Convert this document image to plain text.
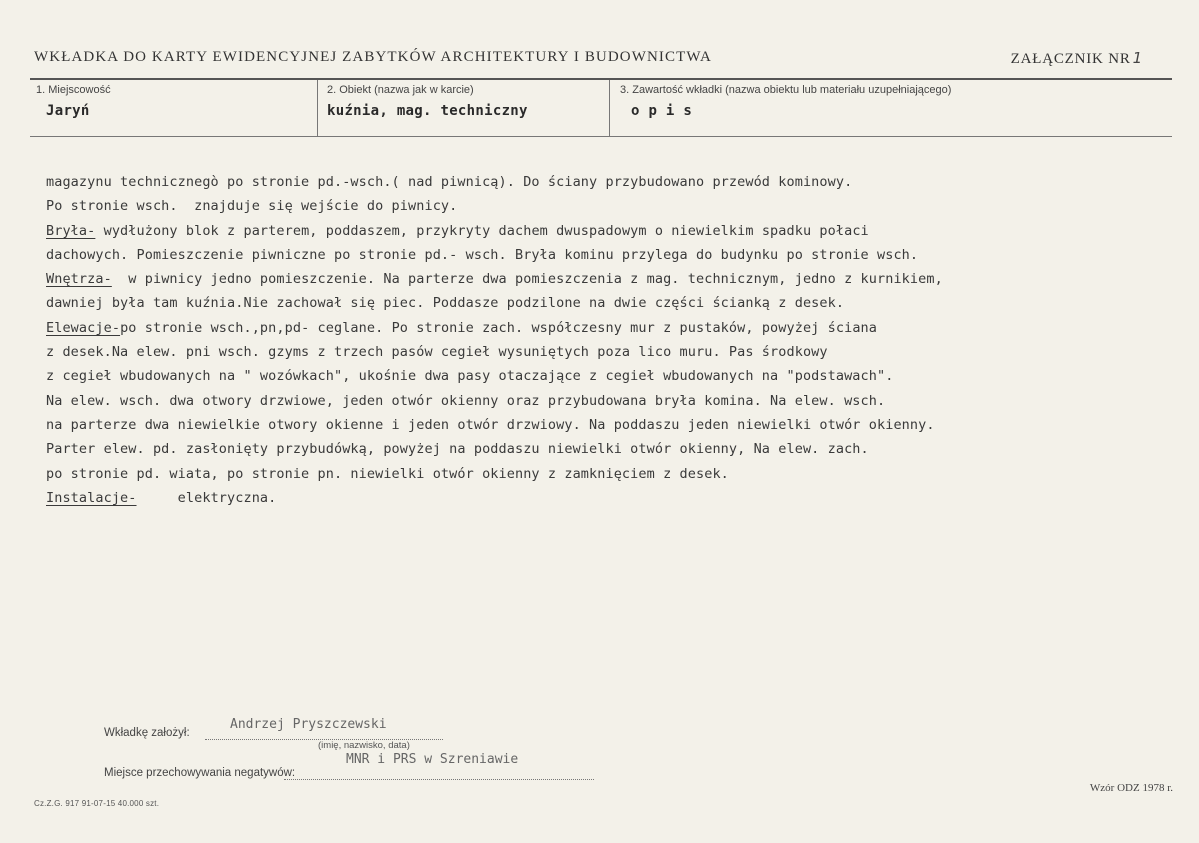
WKŁADKA DO KARTY EWIDENCYJNEJ ZABYTKÓW ARCHITEKTURY I BUDOWNICTWA	ZAŁĄCZNIK NR 1
1. Miejscowość
Jaryń
2. Obiekt (nazwa jak w karcie)
kuźnia, mag. techniczny
3. Zawartość wkładki (nazwa obiektu lub materiału uzupełniającego)
o p i s
magazynu technicznegò po stronie pd.-wsch.( nad piwnicą). Do ściany przybudowano przewód kominowy.
Po stronie wsch.  znajduje się wejście do piwnicy.
Bryła- wydłużony blok z parterem, poddaszem, przykryty dachem dwuspadowym o niewielkim spadku połaci
dachowych. Pomieszczenie piwniczne po stronie pd.- wsch. Bryła kominu przylega do budynku po stronie wsch.
Wnętrza-  w piwnicy jedno pomieszczenie. Na parterze dwa pomieszczenia z mag. technicznym, jedno z kurnikiem,
dawniej była tam kuźnia.Nie zachował się piec. Poddasze podzilone na dwie części ścianką z desek.
Elewacje-po stronie wsch.,pn,pd- ceglane. Po stronie zach. współczesny mur z pustaków, powyżej ściana
z desek.Na elew. pni wsch. gzyms z trzech pasów cegieł wysuniętych poza lico muru. Pas środkowy
z cegieł wbudowanych na " wozówkach", ukośnie dwa pasy otaczające z cegieł wbudowanych na "podstawach".
Na elew. wsch. dwa otwory drzwiowe, jeden otwór okienny oraz przybudowana bryła komina. Na elew. wsch.
na parterze dwa niewielkie otwory okienne i jeden otwór drzwiowy. Na poddaszu jeden niewielki otwór okienny.
Parter elew. pd. zasłonięty przybudówką, powyżej na poddaszu niewielki otwór okienny, Na elew. zach.
po stronie pd. wiata, po stronie pn. niewielki otwór okienny z zamknięciem z desek.
Instalacje-     elektryczna.
Wkładkę założył:
Andrzej Pryszczewski
(imię, nazwisko, data)
Miejsce przechowywania negatywów:
MNR i PRS w Szreniawie
Cz.Z.G. 917 91-07-15 40.000 szt.
Wzór ODZ 1978 r.
